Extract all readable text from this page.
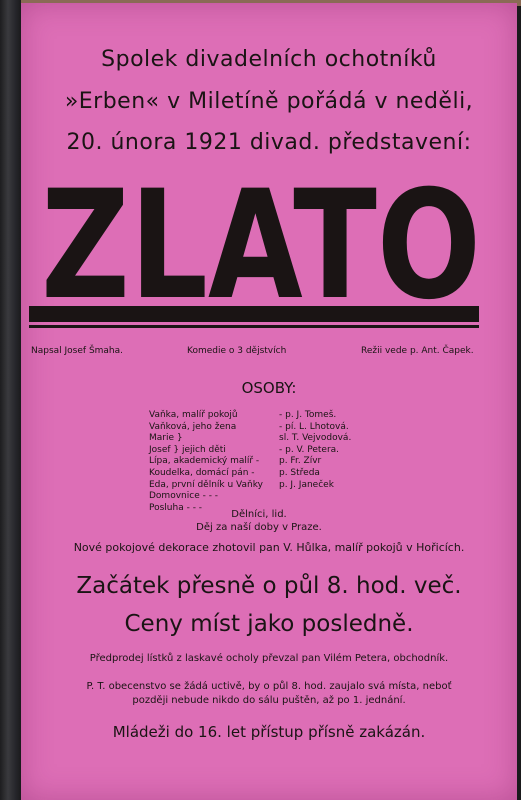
Spolek divadelních ochotníků
»Erben« v Miletíně pořádá v neděli,
20. února 1921 divad. představení:
ZLATO
Napsal Josef Šmaha.	Komedie o 3 dějstvích	Režii vede p. Ant. Čapek.
OSOBY:
Vaňka, malíř pokojů	- p. J. Tomeš.
Vaňková, jeho žena	- pí. L. Lhotová.
Marie }	sl. T. Vejvodová.
Josef } jejich děti	- p. V. Petera.
Lípa, akademický malíř -	p. Fr. Zívr
Koudelka, domácí pán -	p. Středa
Eda, první dělník u Vaňky	p. J. Janeček
Domovnice - - -
Posluha - - -
Dělníci, lid.
Děj za naší doby v Praze.
Nové pokojové dekorace zhotovil pan V. Hůlka, malíř pokojů v Hořicích.
Začátek přesně o půl 8. hod. več.
Ceny míst jako posledně.
Předprodej lístků z laskavé ocholy převzal pan Vilém Petera, obchodník.
P. T. obecenstvo se žádá uctivě, by o půl 8. hod. zaujalo svá místa, neboť
později nebude nikdo do sálu puštěn, až po 1. jednání.
Mládeži do 16. let přístup přísně zakázán.
